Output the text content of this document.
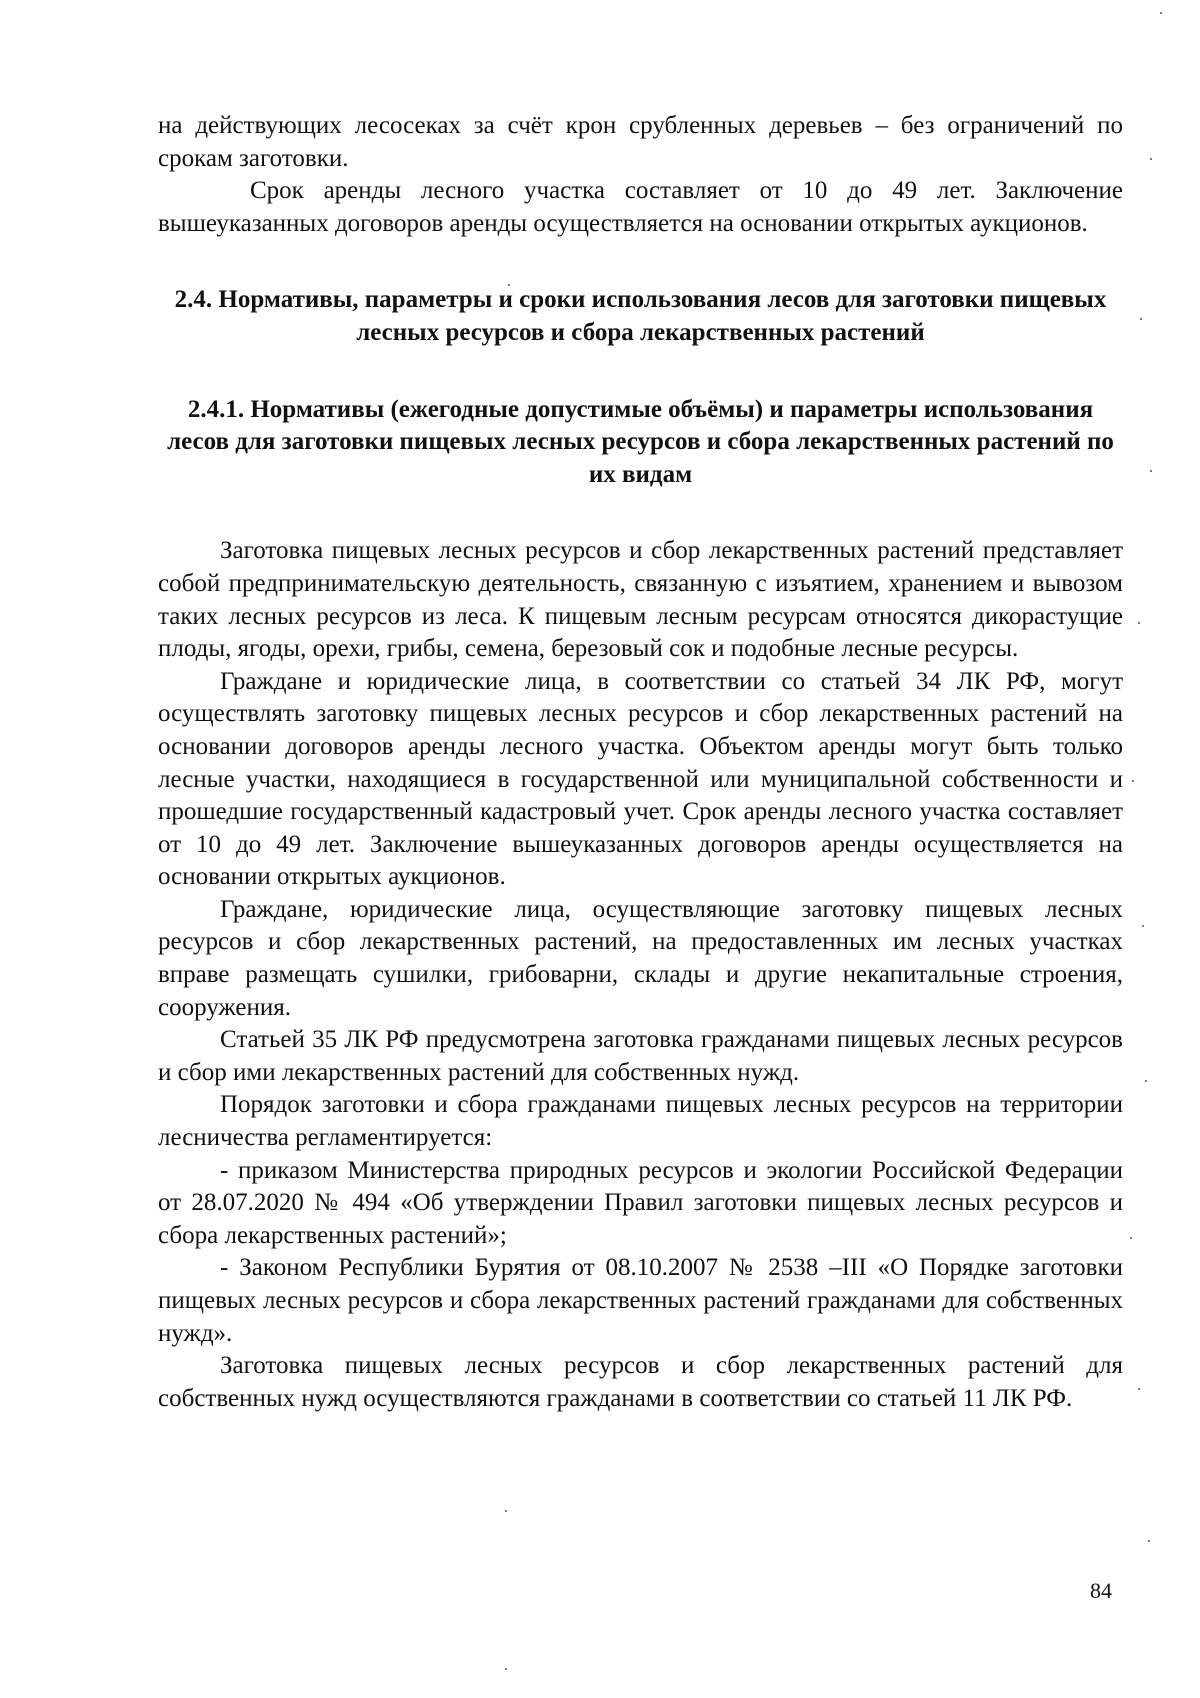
на действующих лесосеках за счёт крон срубленных деревьев – без ограничений по срокам заготовки.

Срок аренды лесного участка составляет от 10 до 49 лет. Заключение вышеуказанных договоров аренды осуществляется на основании открытых аукционов.

2.4. Нормативы, параметры и сроки использования лесов для заготовки пищевых лесных ресурсов и сбора лекарственных растений
2.4.1. Нормативы (ежегодные допустимые объёмы) и параметры использования лесов для заготовки пищевых лесных ресурсов и сбора лекарственных растений по их видам

Заготовка пищевых лесных ресурсов и сбор лекарственных растений представляет собой предпринимательскую деятельность, связанную с изъятием, хранением и вывозом таких лесных ресурсов из леса. К пищевым лесным ресурсам относятся дикорастущие плоды, ягоды, орехи, грибы, семена, березовый сок и подобные лесные ресурсы.

Граждане и юридические лица, в соответствии со статьей 34 ЛК РФ, могут осуществлять заготовку пищевых лесных ресурсов и сбор лекарственных растений на основании договоров аренды лесного участка. Объектом аренды могут быть только лесные участки, находящиеся в государственной или муниципальной собственности и прошедшие государственный кадастровый учет. Срок аренды лесного участка составляет от 10 до 49 лет. Заключение вышеуказанных договоров аренды осуществляется на основании открытых аукционов.

Граждане, юридические лица, осуществляющие заготовку пищевых лесных ресурсов и сбор лекарственных растений, на предоставленных им лесных участках вправе размещать сушилки, грибоварни, склады и другие некапитальные строения, сооружения.

Статьей 35 ЛК РФ предусмотрена заготовка гражданами пищевых лесных ресурсов и сбор ими лекарственных растений для собственных нужд.

Порядок заготовки и сбора гражданами пищевых лесных ресурсов на территории лесничества регламентируется:

- приказом Министерства природных ресурсов и экологии Российской Федерации от 28.07.2020 № 494 «Об утверждении Правил заготовки пищевых лесных ресурсов и сбора лекарственных растений»;

- Законом Республики Бурятия от 08.10.2007 № 2538 –III «О Порядке заготовки пищевых лесных ресурсов и сбора лекарственных растений гражданами для собственных нужд».

Заготовка пищевых лесных ресурсов и сбор лекарственных растений для собственных нужд осуществляются гражданами в соответствии со статьей 11 ЛК РФ.

84
